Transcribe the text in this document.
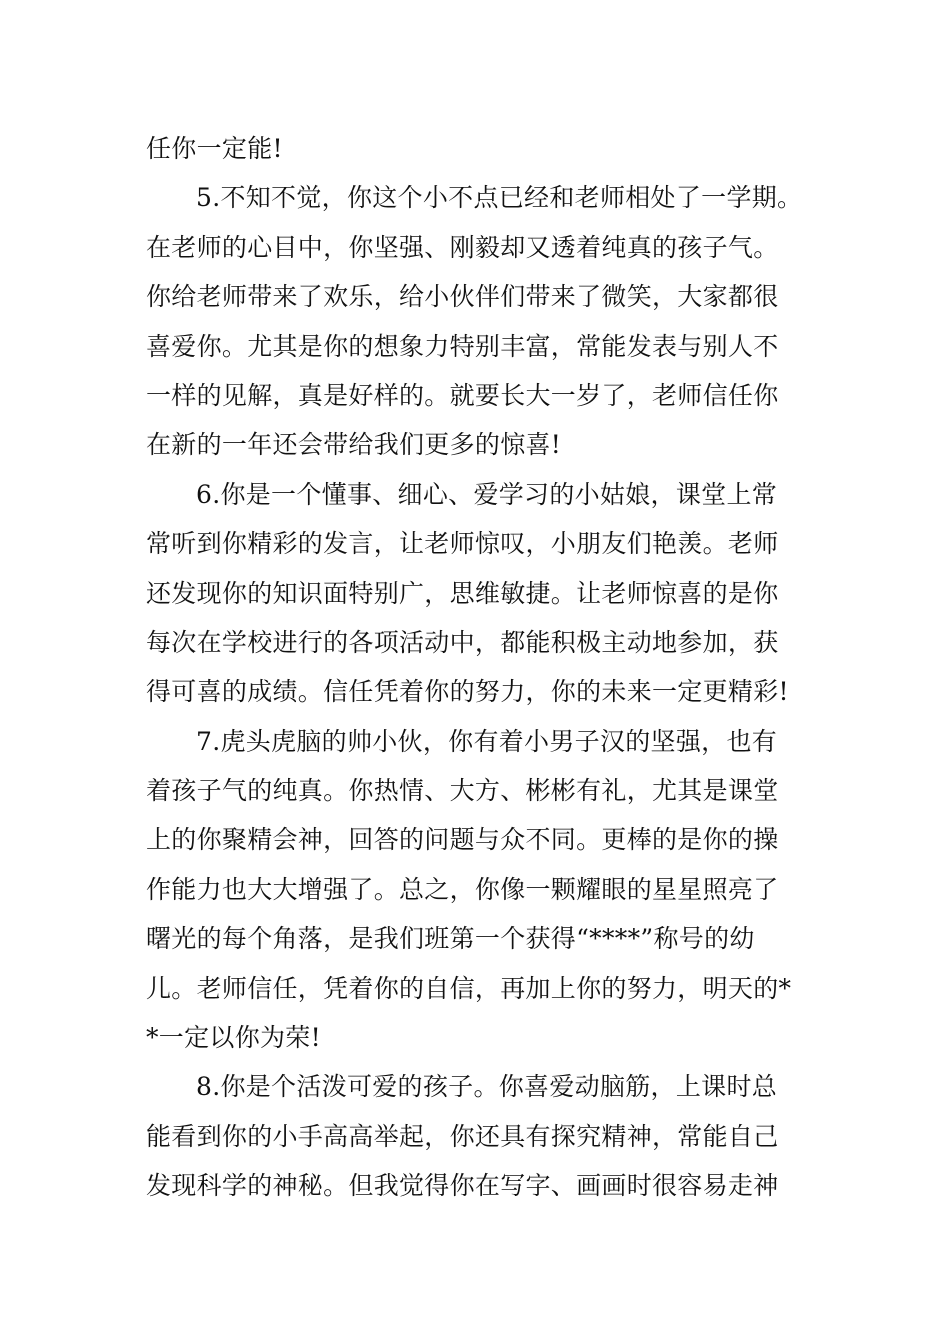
任你一定能!
5.不知不觉，你这个小不点已经和老师相处了一学期。
在老师的心目中，你坚强、刚毅却又透着纯真的孩子气。
你给老师带来了欢乐，给小伙伴们带来了微笑，大家都很
喜爱你。尤其是你的想象力特别丰富，常能发表与别人不
一样的见解，真是好样的。就要长大一岁了，老师信任你
在新的一年还会带给我们更多的惊喜!
6.你是一个懂事、细心、爱学习的小姑娘，课堂上常
常听到你精彩的发言，让老师惊叹，小朋友们艳羡。老师
还发现你的知识面特别广，思维敏捷。让老师惊喜的是你
每次在学校进行的各项活动中，都能积极主动地参加，获
得可喜的成绩。信任凭着你的努力，你的未来一定更精彩!
7.虎头虎脑的帅小伙，你有着小男子汉的坚强，也有
着孩子气的纯真。你热情、大方、彬彬有礼，尤其是课堂
上的你聚精会神，回答的问题与众不同。更棒的是你的操
作能力也大大增强了。总之，你像一颗耀眼的星星照亮了
曙光的每个角落，是我们班第一个获得“****”称号的幼
儿。老师信任，凭着你的自信，再加上你的努力，明天的*
*一定以你为荣!
8.你是个活泼可爱的孩子。你喜爱动脑筋，上课时总
能看到你的小手高高举起，你还具有探究精神，常能自己
发现科学的神秘。但我觉得你在写字、画画时很容易走神
